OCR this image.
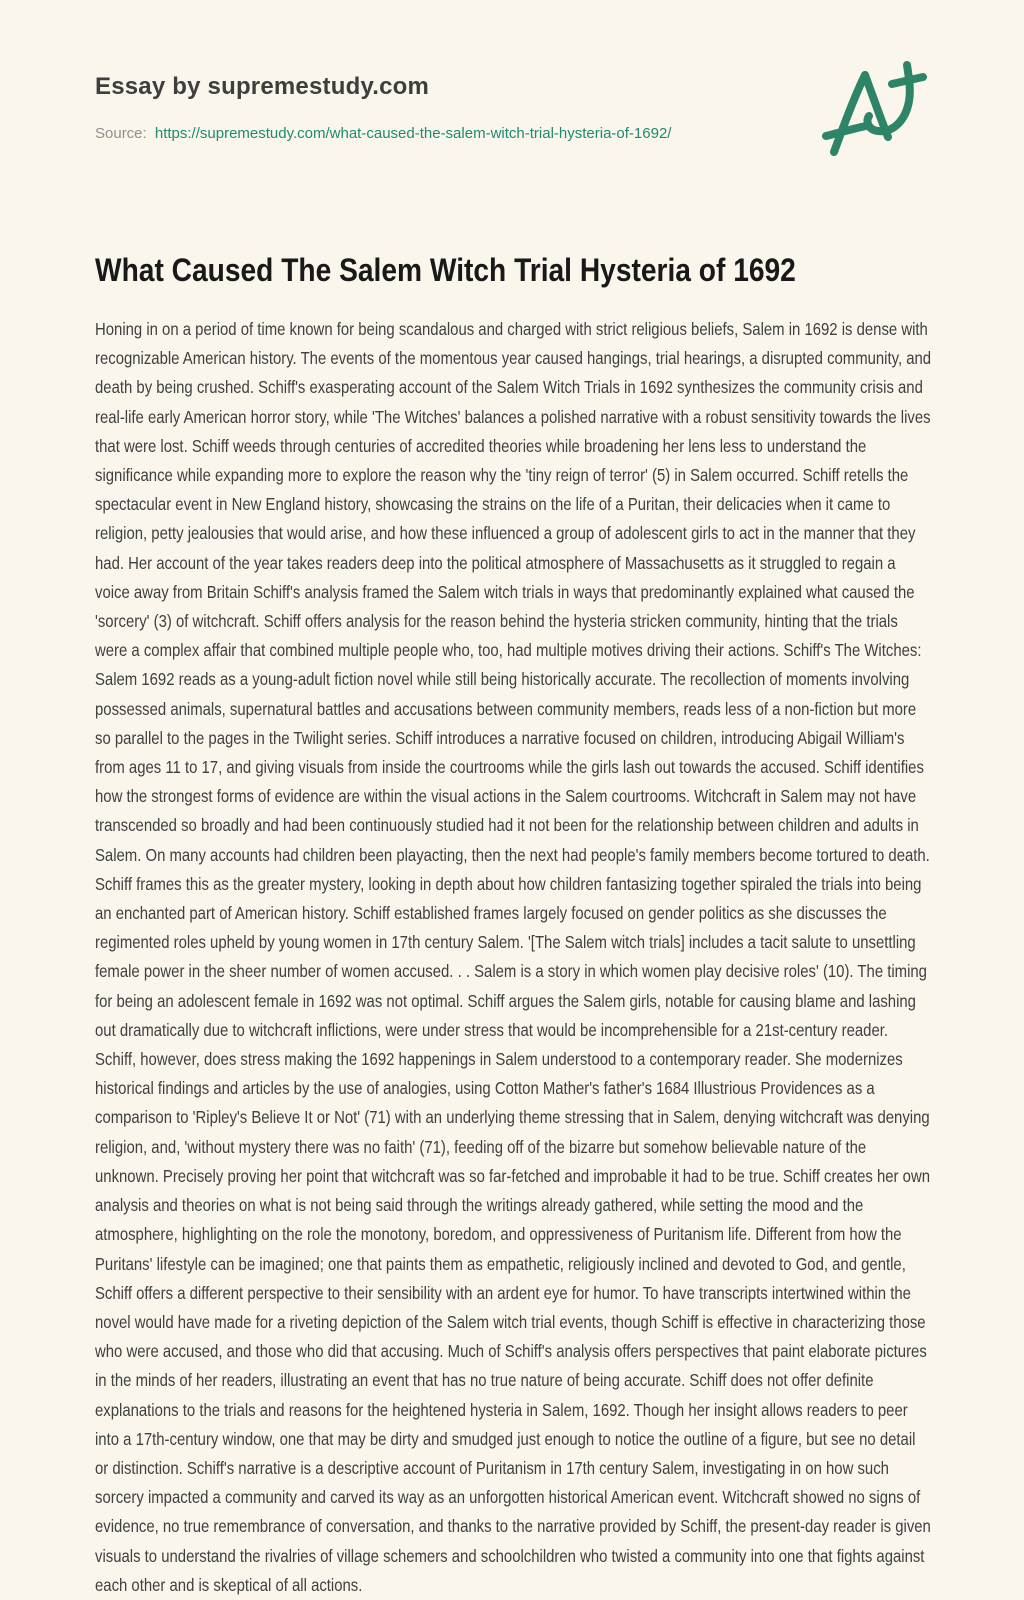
Essay by supremestudy.com
Source: https://supremestudy.com/what-caused-the-salem-witch-trial-hysteria-of-1692/
What Caused The Salem Witch Trial Hysteria of 1692

Honing in on a period of time known for being scandalous and charged with strict religious beliefs, Salem in 1692 is dense with recognizable American history. The events of the momentous year caused hangings, trial hearings, a disrupted community, and death by being crushed. Schiff's exasperating account of the Salem Witch Trials in 1692 synthesizes the community crisis and real-life early American horror story, while 'The Witches' balances a polished narrative with a robust sensitivity towards the lives that were lost. Schiff weeds through centuries of accredited theories while broadening her lens less to understand the significance while expanding more to explore the reason why the 'tiny reign of terror' (5) in Salem occurred. Schiff retells the spectacular event in New England history, showcasing the strains on the life of a Puritan, their delicacies when it came to religion, petty jealousies that would arise, and how these influenced a group of adolescent girls to act in the manner that they had. Her account of the year takes readers deep into the political atmosphere of Massachusetts as it struggled to regain a voice away from Britain Schiff's analysis framed the Salem witch trials in ways that predominantly explained what caused the 'sorcery' (3) of witchcraft. Schiff offers analysis for the reason behind the hysteria stricken community, hinting that the trials were a complex affair that combined multiple people who, too, had multiple motives driving their actions. Schiff's The Witches: Salem 1692 reads as a young-adult fiction novel while still being historically accurate. The recollection of moments involving possessed animals, supernatural battles and accusations between community members, reads less of a non-fiction but more so parallel to the pages in the Twilight series. Schiff introduces a narrative focused on children, introducing Abigail William's from ages 11 to 17, and giving visuals from inside the courtrooms while the girls lash out towards the accused. Schiff identifies how the strongest forms of evidence are within the visual actions in the Salem courtrooms. Witchcraft in Salem may not have transcended so broadly and had been continuously studied had it not been for the relationship between children and adults in Salem. On many accounts had children been playacting, then the next had people's family members become tortured to death. Schiff frames this as the greater mystery, looking in depth about how children fantasizing together spiraled the trials into being an enchanted part of American history. Schiff established frames largely focused on gender politics as she discusses the regimented roles upheld by young women in 17th century Salem. '[The Salem witch trials] includes a tacit salute to unsettling female power in the sheer number of women accused. . . Salem is a story in which women play decisive roles' (10). The timing for being an adolescent female in 1692 was not optimal. Schiff argues the Salem girls, notable for causing blame and lashing out dramatically due to witchcraft inflictions, were under stress that would be incomprehensible for a 21st-century reader. Schiff, however, does stress making the 1692 happenings in Salem understood to a contemporary reader. She modernizes historical findings and articles by the use of analogies, using Cotton Mather's father's 1684 Illustrious Providences as a comparison to 'Ripley's Believe It or Not' (71) with an underlying theme stressing that in Salem, denying witchcraft was denying religion, and, 'without mystery there was no faith' (71), feeding off of the bizarre but somehow believable nature of the unknown. Precisely proving her point that witchcraft was so far-fetched and improbable it had to be true. Schiff creates her own analysis and theories on what is not being said through the writings already gathered, while setting the mood and the atmosphere, highlighting on the role the monotony, boredom, and oppressiveness of Puritanism life. Different from how the Puritans' lifestyle can be imagined; one that paints them as empathetic, religiously inclined and devoted to God, and gentle, Schiff offers a different perspective to their sensibility with an ardent eye for humor. To have transcripts intertwined within the novel would have made for a riveting depiction of the Salem witch trial events, though Schiff is effective in characterizing those who were accused, and those who did that accusing. Much of Schiff's analysis offers perspectives that paint elaborate pictures in the minds of her readers, illustrating an event that has no true nature of being accurate. Schiff does not offer definite explanations to the trials and reasons for the heightened hysteria in Salem, 1692. Though her insight allows readers to peer into a 17th-century window, one that may be dirty and smudged just enough to notice the outline of a figure, but see no detail or distinction. Schiff's narrative is a descriptive account of Puritanism in 17th century Salem, investigating in on how such sorcery impacted a community and carved its way as an unforgotten historical American event. Witchcraft showed no signs of evidence, no true remembrance of conversation, and thanks to the narrative provided by Schiff, the present-day reader is given visuals to understand the rivalries of village schemers and schoolchildren who twisted a community into one that fights against each other and is skeptical of all actions.
